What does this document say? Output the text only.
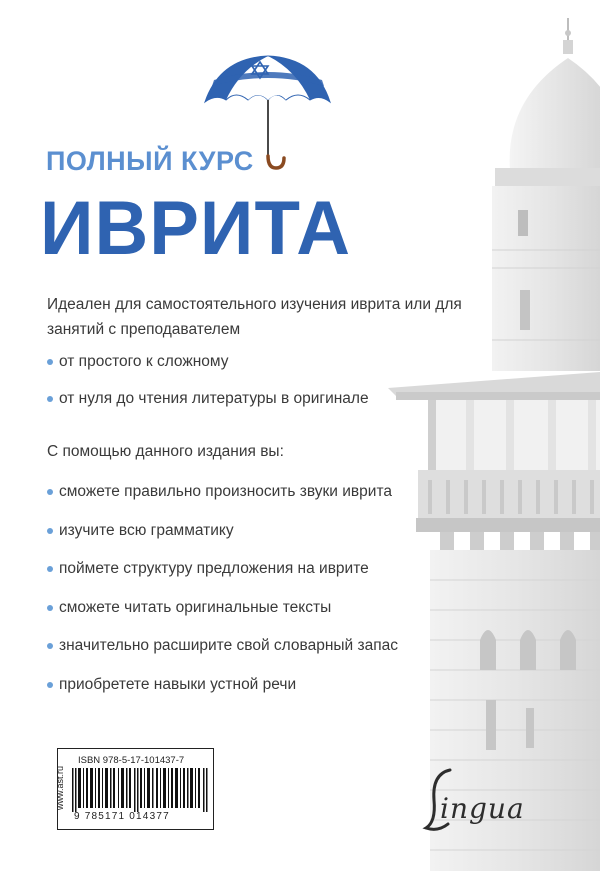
ПОЛНЫЙ КУРС
ИВРИТА
Идеален для самостоятельного изучения иврита или для занятий с преподавателем
от простого к сложному
от нуля до чтения литературы в оригинале
С помощью данного издания вы:
сможете правильно произносить звуки иврита
изучите всю грамматику
поймете структуру предложения на иврите
сможете читать оригинальные тексты
значительно расширите свой словарный запас
приобретете навыки устной речи
www.ast.ru
ISBN 978-5-17-101437-7
9 785171 014377	ingua
